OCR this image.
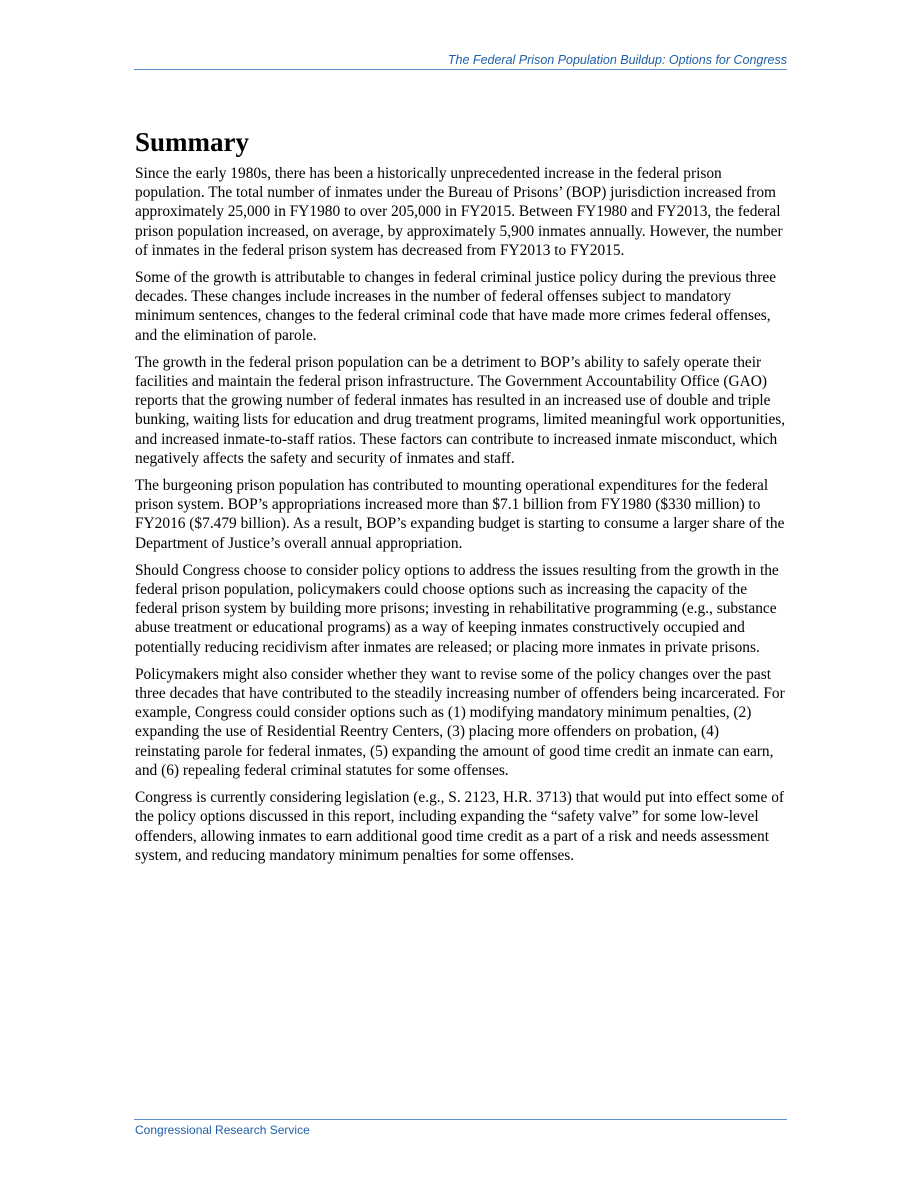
The Federal Prison Population Buildup: Options for Congress
Summary

Since the early 1980s, there has been a historically unprecedented increase in the federal prison population. The total number of inmates under the Bureau of Prisons’ (BOP) jurisdiction increased from approximately 25,000 in FY1980 to over 205,000 in FY2015. Between FY1980 and FY2013, the federal prison population increased, on average, by approximately 5,900 inmates annually. However, the number of inmates in the federal prison system has decreased from FY2013 to FY2015.

Some of the growth is attributable to changes in federal criminal justice policy during the previous three decades. These changes include increases in the number of federal offenses subject to mandatory minimum sentences, changes to the federal criminal code that have made more crimes federal offenses, and the elimination of parole.

The growth in the federal prison population can be a detriment to BOP’s ability to safely operate their facilities and maintain the federal prison infrastructure. The Government Accountability Office (GAO) reports that the growing number of federal inmates has resulted in an increased use of double and triple bunking, waiting lists for education and drug treatment programs, limited meaningful work opportunities, and increased inmate-to-staff ratios. These factors can contribute to increased inmate misconduct, which negatively affects the safety and security of inmates and staff.

The burgeoning prison population has contributed to mounting operational expenditures for the federal prison system. BOP’s appropriations increased more than $7.1 billion from FY1980 ($330 million) to FY2016 ($7.479 billion). As a result, BOP’s expanding budget is starting to consume a larger share of the Department of Justice’s overall annual appropriation.

Should Congress choose to consider policy options to address the issues resulting from the growth in the federal prison population, policymakers could choose options such as increasing the capacity of the federal prison system by building more prisons; investing in rehabilitative programming (e.g., substance abuse treatment or educational programs) as a way of keeping inmates constructively occupied and potentially reducing recidivism after inmates are released; or placing more inmates in private prisons.

Policymakers might also consider whether they want to revise some of the policy changes over the past three decades that have contributed to the steadily increasing number of offenders being incarcerated. For example, Congress could consider options such as (1) modifying mandatory minimum penalties, (2) expanding the use of Residential Reentry Centers, (3) placing more offenders on probation, (4) reinstating parole for federal inmates, (5) expanding the amount of good time credit an inmate can earn, and (6) repealing federal criminal statutes for some offenses.

Congress is currently considering legislation (e.g., S. 2123, H.R. 3713) that would put into effect some of the policy options discussed in this report, including expanding the “safety valve” for some low-level offenders, allowing inmates to earn additional good time credit as a part of a risk and needs assessment system, and reducing mandatory minimum penalties for some offenses.

Congressional Research Service
